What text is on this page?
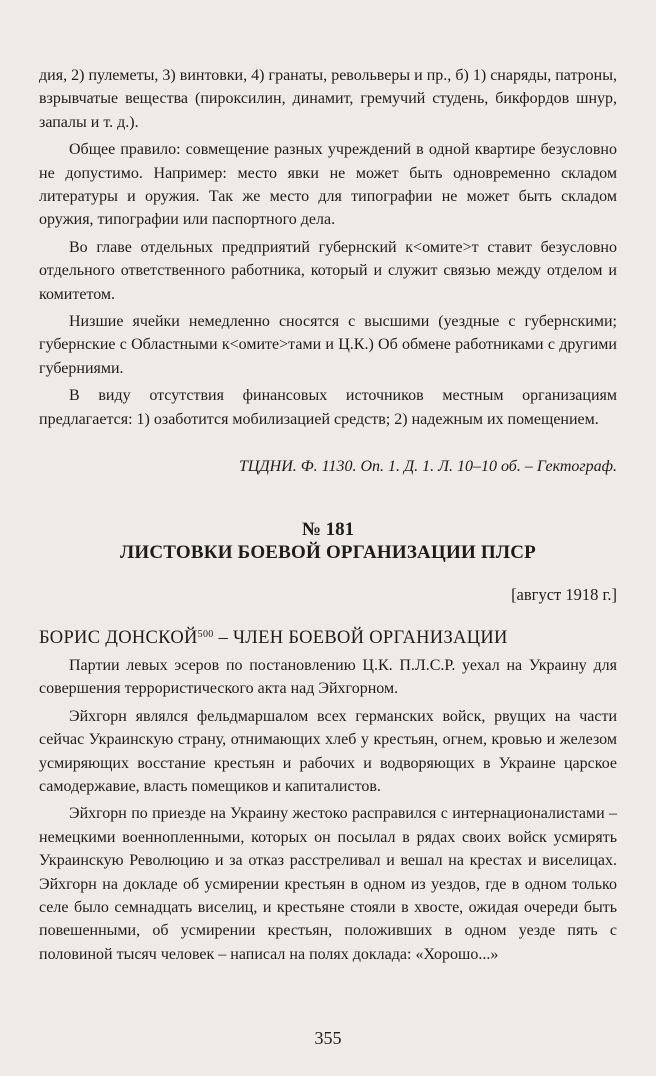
дия, 2) пулеметы, 3) винтовки, 4) гранаты, револьверы и пр., б) 1) снаряды, патроны, взрывчатые вещества (пироксилин, динамит, гремучий студень, бикфордов шнур, запалы и т. д.).

Общее правило: совмещение разных учреждений в одной квартире безусловно не допустимо. Например: место явки не может быть одновременно складом литературы и оружия. Так же место для типографии не может быть складом оружия, типографии или паспортного дела.

Во главе отдельных предприятий губернский к<омите>т ставит безусловно отдельного ответственного работника, который и служит связью между отделом и комитетом.

Низшие ячейки немедленно сносятся с высшими (уездные с губернскими; губернские с Областными к<омите>тами и Ц.К.) Об обмене работниками с другими губерниями.

В виду отсутствия финансовых источников местным организациям предлагается: 1) озаботится мобилизацией средств; 2) надежным их помещением.

ТЦДНИ. Ф. 1130. Оп. 1. Д. 1. Л. 10–10 об. – Гектограф.
№ 181
ЛИСТОВКИ БОЕВОЙ ОРГАНИЗАЦИИ ПЛСР
[август 1918 г.]
БОРИС ДОНСКОЙ$^{500}$ – ЧЛЕН БОЕВОЙ ОРГАНИЗАЦИИ

Партии левых эсеров по постановлению Ц.К. П.Л.С.Р. уехал на Украину для совершения террористического акта над Эйхгорном.

Эйхгорн являлся фельдмаршалом всех германских войск, рвущих на части сейчас Украинскую страну, отнимающих хлеб у крестьян, огнем, кровью и железом усмиряющих восстание крестьян и рабочих и водворяющих в Украине царское самодержавие, власть помещиков и капиталистов.

Эйхгорн по приезде на Украину жестоко расправился с интернационалистами – немецкими военнопленными, которых он посылал в рядах своих войск усмирять Украинскую Революцию и за отказ расстреливал и вешал на крестах и виселицах. Эйхгорн на докладе об усмирении крестьян в одном из уездов, где в одном только селе было семнадцать виселиц, и крестьяне стояли в хвосте, ожидая очереди быть повешенными, об усмирении крестьян, положивших в одном уезде пять с половиной тысяч человек – написал на полях доклада: «Хорошо...»

355
